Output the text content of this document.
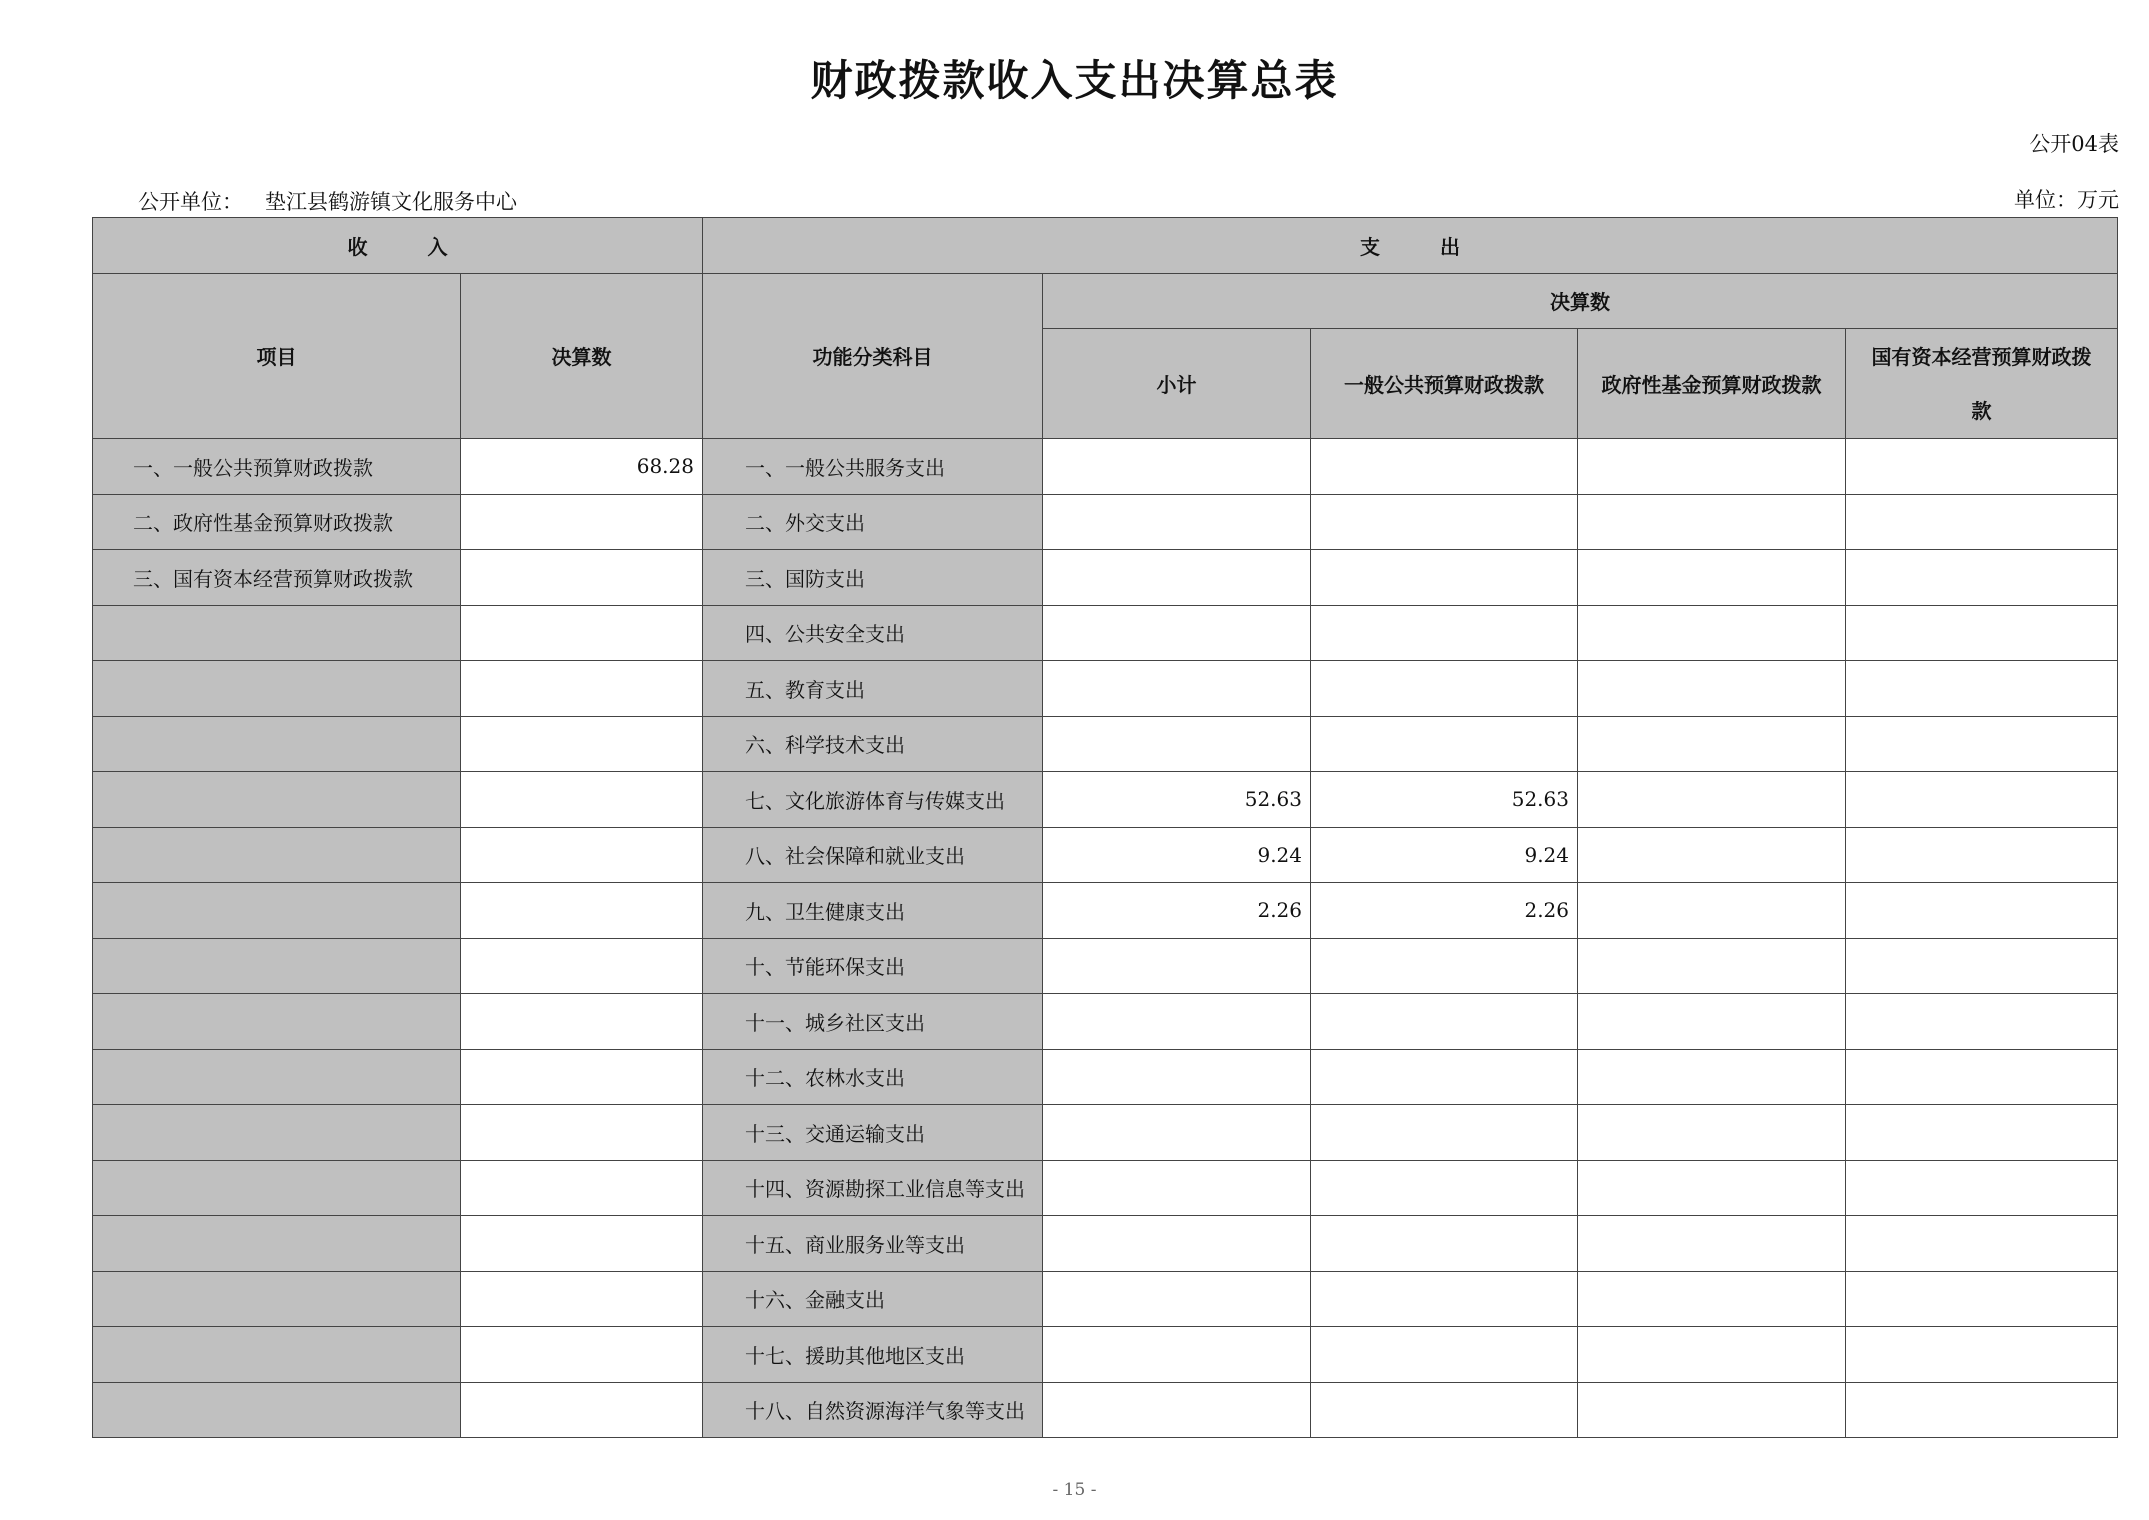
财政拨款收入支出决算总表
公开04表
公开单位： 垫江县鹤游镇文化服务中心	单位：万元
收 入		支 出				
项目	决算数	功能分类科目	决算数			
			小计	一般公共预算财政拨款	政府性基金预算财政拨款	国有资本经营预算财政拨
款
一、一般公共预算财政拨款	68.28	一、一般公共服务支出				
二、政府性基金预算财政拨款		二、外交支出				
三、国有资本经营预算财政拨款		三、国防支出				
		四、公共安全支出				
		五、教育支出				
		六、科学技术支出				
		七、文化旅游体育与传媒支出	52.63	52.63		
		八、社会保障和就业支出	9.24	9.24		
		九、卫生健康支出	2.26	2.26		
		十、节能环保支出				
		十一、城乡社区支出				
		十二、农林水支出				
		十三、交通运输支出				
		十四、资源勘探工业信息等支出				
		十五、商业服务业等支出				
		十六、金融支出				
		十七、援助其他地区支出				
		十八、自然资源海洋气象等支出				
- 15 -
